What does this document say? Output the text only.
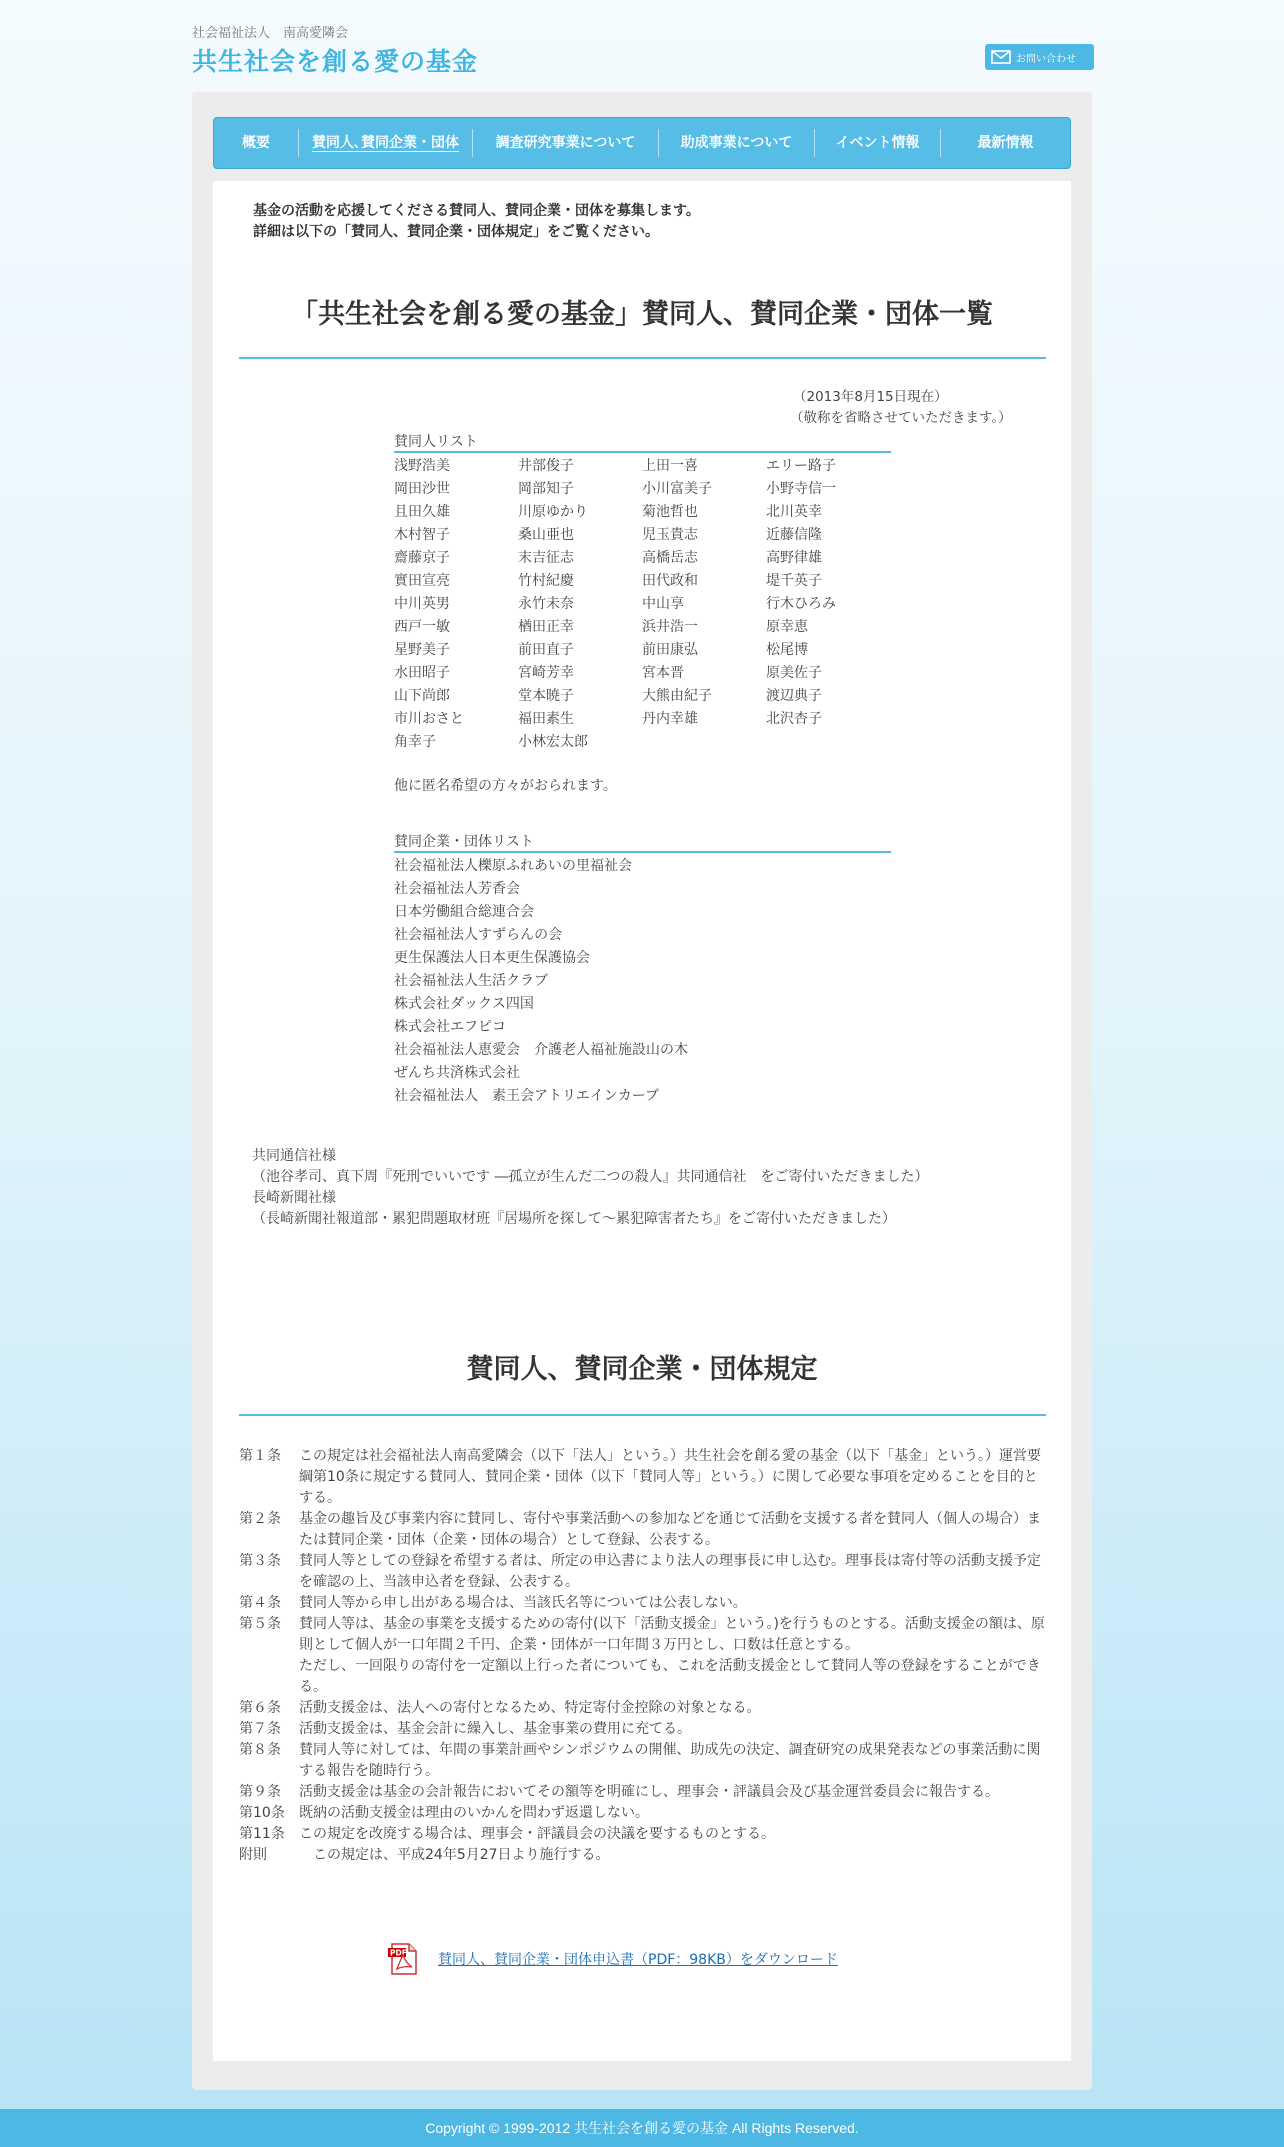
社会福祉法人　南高愛隣会
共生社会を創る愛の基金	お問い合わせ
概要	賛同人､賛同企業・団体	調査研究事業について	助成事業について	イベント情報	最新情報
基金の活動を応援してくださる賛同人、賛同企業・団体を募集します。
詳細は以下の「賛同人、賛同企業・団体規定」をご覧ください。
「共生社会を創る愛の基金」賛同人、賛同企業・団体一覧
（2013年8月15日現在）
（敬称を省略させていただきます。）
賛同人リスト
浅野浩美	井部俊子	上田一喜	エリー路子
岡田沙世	岡部知子	小川富美子	小野寺信一
且田久雄	川原ゆかり	菊池哲也	北川英幸
木村智子	桑山亜也	児玉貴志	近藤信隆
齋藤京子	末吉征志	高橋岳志	高野律雄
實田宣亮	竹村紀慶	田代政和	堤千英子
中川英男	永竹未奈	中山享	行木ひろみ
西戸一敏	楢田正幸	浜井浩一	原幸恵
星野美子	前田直子	前田康弘	松尾博
水田昭子	宮崎芳幸	宮本晋	原美佐子
山下尚郎	堂本暁子	大熊由紀子	渡辺典子
市川おさと	福田素生	丹内幸雄	北沢杏子
角幸子	小林宏太郎
他に匿名希望の方々がおられます。
賛同企業・団体リスト
社会福祉法人櫟原ふれあいの里福祉会
社会福祉法人芳香会
日本労働組合総連合会
社会福祉法人すずらんの会
更生保護法人日本更生保護協会
社会福祉法人生活クラブ
株式会社ダックス四国
株式会社エフピコ
社会福祉法人恵愛会　介護老人福祉施設山の木
ぜんち共済株式会社
社会福祉法人　素王会アトリエインカーブ
共同通信社様
（池谷孝司、真下周『死刑でいいです ―孤立が生んだ二つの殺人』共同通信社　をご寄付いただきました）
長崎新聞社様
（長崎新聞社報道部・累犯問題取材班『居場所を探して～累犯障害者たち』をご寄付いただきました）
賛同人、賛同企業・団体規定
第１条	この規定は社会福祉法人南高愛隣会（以下「法人」という。）共生社会を創る愛の基金（以下「基金」という。）運営要綱第10条に規定する賛同人、賛同企業・団体（以下「賛同人等」という。）に関して必要な事項を定めることを目的とする。
第２条	基金の趣旨及び事業内容に賛同し、寄付や事業活動への参加などを通じて活動を支援する者を賛同人（個人の場合）または賛同企業・団体（企業・団体の場合）として登録、公表する。
第３条	賛同人等としての登録を希望する者は、所定の申込書により法人の理事長に申し込む。理事長は寄付等の活動支援予定を確認の上、当該申込者を登録、公表する。
第４条	賛同人等から申し出がある場合は、当該氏名等については公表しない。
第５条	賛同人等は、基金の事業を支援するための寄付(以下「活動支援金」という。)を行うものとする。活動支援金の額は、原則として個人が一口年間２千円、企業・団体が一口年間３万円とし、口数は任意とする。
ただし、一回限りの寄付を一定額以上行った者についても、これを活動支援金として賛同人等の登録をすることができる。
第６条	活動支援金は、法人への寄付となるため、特定寄付金控除の対象となる。
第７条	活動支援金は、基金会計に繰入し、基金事業の費用に充てる。
第８条	賛同人等に対しては、年間の事業計画やシンポジウムの開催、助成先の決定、調査研究の成果発表などの事業活動に関する報告を随時行う。
第９条	活動支援金は基金の会計報告においてその額等を明確にし、理事会・評議員会及び基金運営委員会に報告する。
第10条	既納の活動支援金は理由のいかんを問わず返還しない。
第11条	この規定を改廃する場合は、理事会・評議員会の決議を要するものとする。
附則	　この規定は、平成24年5月27日より施行する。
PDF 賛同人、賛同企業・団体申込書（PDF：98KB）をダウンロード
Copyright © 1999-2012 共生社会を創る愛の基金 All Rights Reserved.
